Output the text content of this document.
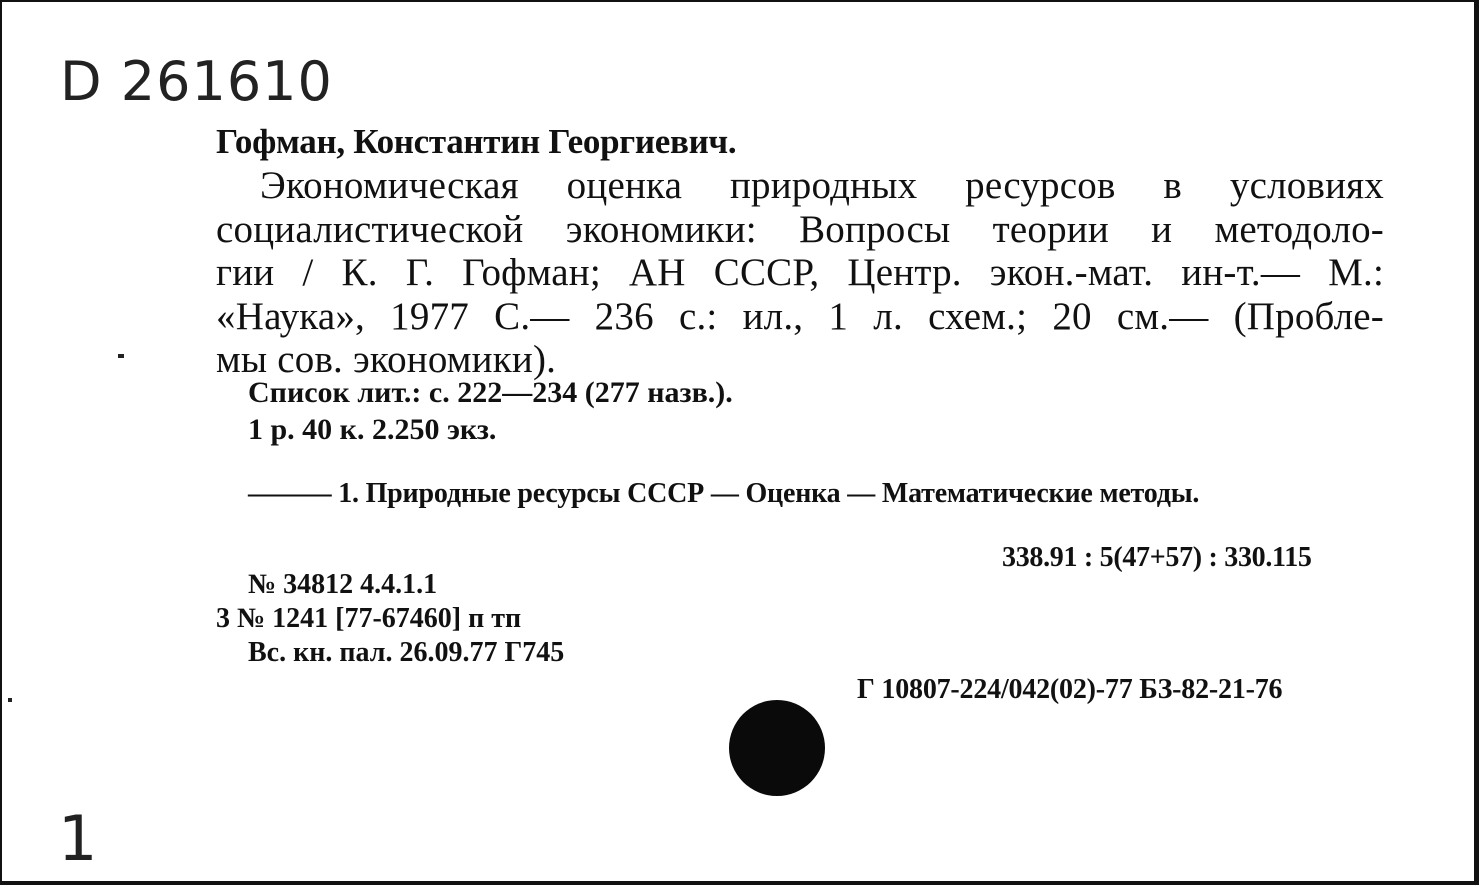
D 261610
Гофман, Константин Георгиевич.
Экономическая оценка природных ресурсов в условиях
социалистической экономики: Вопросы теории и методоло-
гии / К. Г. Гофман; АН СССР, Центр. экон.-мат. ин-т.— М.:
«Наука», 1977 С.— 236 с.: ил., 1 л. схем.; 20 см.— (Пробле-
мы сов. экономики).
Список лит.: с. 222—234 (277 назв.).
1 р. 40 к. 2.250 экз.
——— 1. Природные ресурсы СССР — Оценка — Математические методы.
338.91 : 5(47+57) : 330.115
№ 34812 4.4.1.1
3 № 1241 [77-67460] п тп
Вс. кн. пал. 26.09.77 Г745
Г 10807-224/042(02)-77 БЗ-82-21-76
1
